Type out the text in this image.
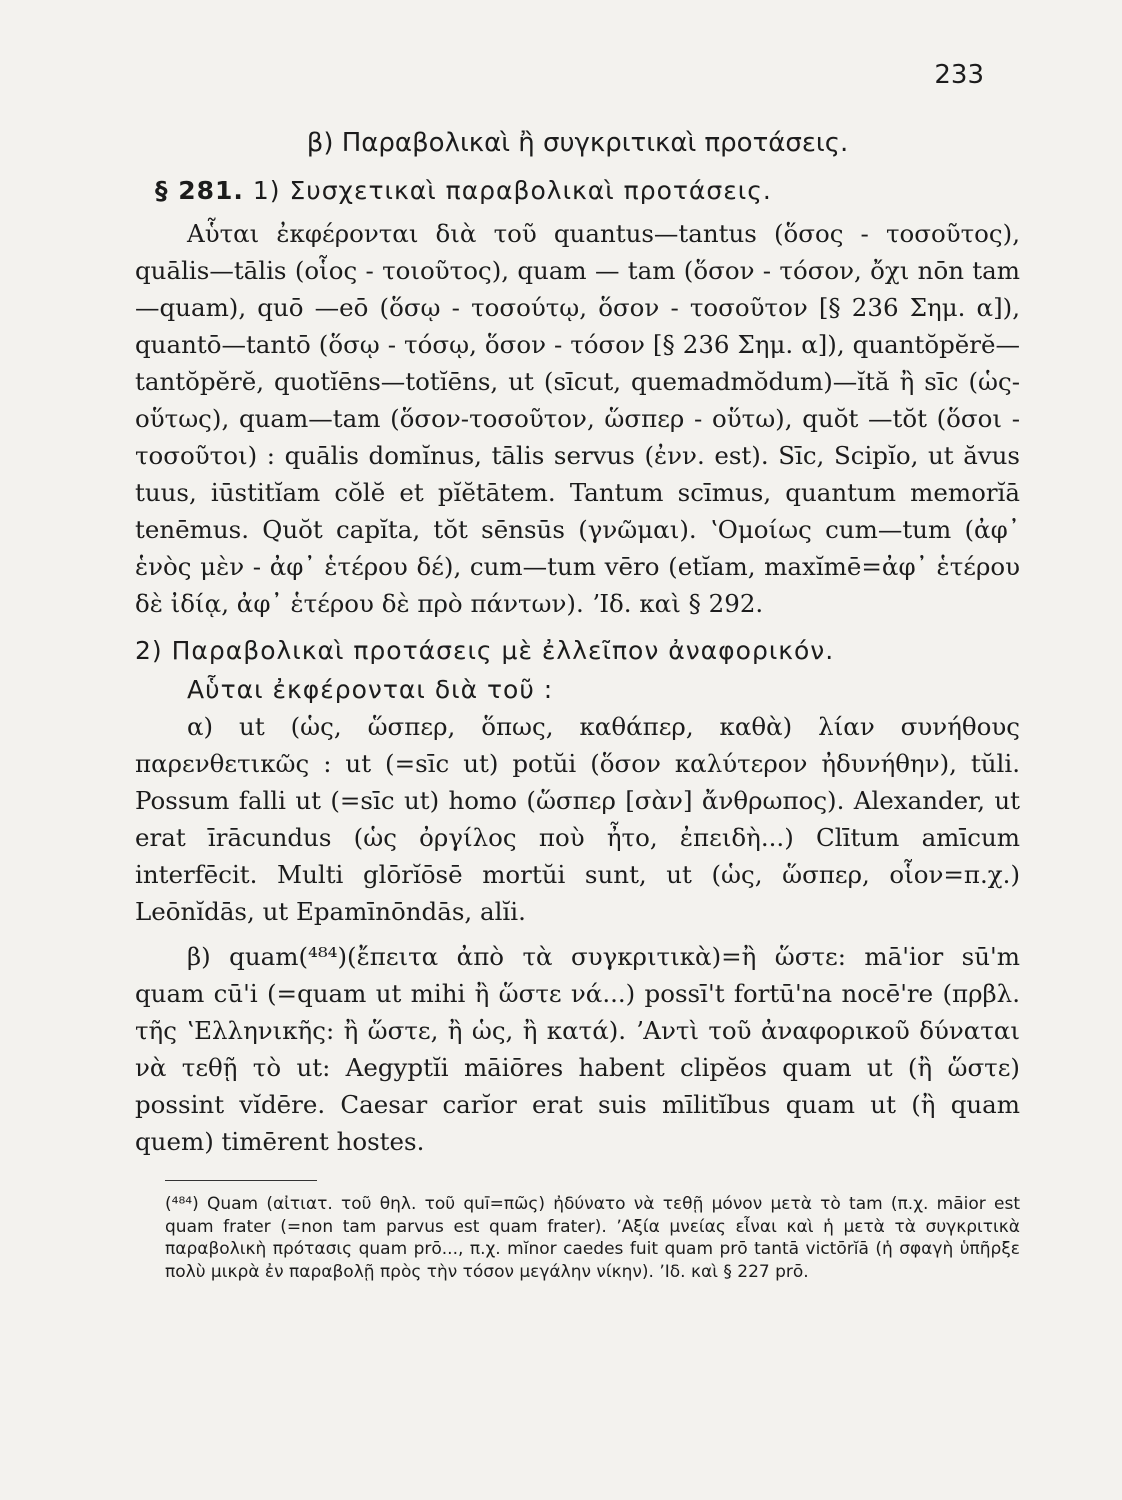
233
β) Παραβολικαὶ ἢ συγκριτικαὶ προτάσεις.
§ 281. 1) Συσχετικαὶ παραβολικαὶ προτάσεις.

Αὗται ἐκφέρονται διὰ τοῦ quantus—tantus (ὅσος - τοσοῦτος), quālis—tālis (οἷος - τοιοῦτος), quam — tam (ὅσον - τόσον, ὄχι nōn tam—quam), quō —eō (ὅσῳ - τοσούτῳ, ὅσον - τοσοῦτον [§ 236 Σημ. α]), quantō—tantō (ὅσῳ - τόσῳ, ὅσον - τόσον [§ 236 Σημ. α]), quantŏpĕrĕ—tantŏpĕrĕ, quotĭēns—totĭēns, ut (sīcut, quemadmŏdum)—ĭtă ἢ sīc (ὡς-οὕτως), quam—tam (ὅσον-τοσοῦτον, ὥσπερ - οὕτω), quŏt —tŏt (ὅσοι - τοσοῦτοι) : quālis domĭnus, tālis servus (ἐνν. est). Sīc, Scipĭo, ut ăvus tuus, iūstitĭam cŏlĕ et pĭĕtātem. Tantum scīmus, quantum memorĭā tenēmus. Quŏt capĭta, tŏt sēnsūs (γνῶμαι). ʽΟμοίως cum—tum (ἀφ᾽ ἑνὸς μὲν - ἀφ᾽ ἑτέρου δέ), cum—tum vēro (etĭam, maxĭmē=ἀφ᾽ ἑτέρου δὲ ἰδίᾳ, ἀφ᾽ ἑτέρου δὲ πρὸ πάντων). ʼΙδ. καὶ § 292.

2) Παραβολικαὶ προτάσεις μὲ ἐλλεῖπον ἀναφορικόν.
Αὗται ἐκφέρονται διὰ τοῦ :

α) ut (ὡς, ὥσπερ, ὅπως, καθάπερ, καθὰ) λίαν συνήθους παρενθετικῶς : ut (=sīc ut) potŭi (ὅσον καλύτερον ἠδυνήθην), tŭli. Possum falli ut (=sīc ut) homo (ὥσπερ [σὰν] ἄνθρωπος). Alexander, ut erat īrācundus (ὡς ὀργίλος ποὺ ἦτο, ἐπειδὴ...) Clītum amīcum interfēcit. Multi glōrĭōsē mortŭi sunt, ut (ὡς, ὥσπερ, οἷον=π.χ.) Leōnĭdās, ut Epamīnōndās, alĭi.

β) quam(⁴⁸⁴)(ἔπειτα ἀπὸ τὰ συγκριτικὰ)=ἢ ὥστε: mā'ior sū'm quam cū'i (=quam ut mihi ἢ ὥστε νά...) possī't fortū'na nocē're (πρβλ. τῆς ʽΕλληνικῆς: ἢ ὥστε, ἢ ὡς, ἢ κατά). ʼΑντὶ τοῦ ἀναφορικοῦ δύναται νὰ τεθῇ τὸ ut: Aegyptĭi māiōres habent clipĕos quam ut (ἢ ὥστε) possint vĭdēre. Caesar carĭor erat suis mīlitĭbus quam ut (ἢ quam quem) timērent hostes.

(⁴⁸⁴) Quam (αἰτιατ. τοῦ θηλ. τοῦ quī=πῶς) ἠδύνατο νὰ τεθῇ μόνον μετὰ τὸ tam (π.χ. māior est quam frater (=non tam parvus est quam frater). ʼΑξία μνείας εἶναι καὶ ἡ μετὰ τὰ συγκριτικὰ παραβολικὴ πρότασις quam prō..., π.χ. mĭnor caedes fuit quam prō tantā victōrĭā (ἡ σφαγὴ ὑπῆρξε πολὺ μικρὰ ἐν παραβολῇ πρὸς τὴν τόσον μεγάλην νίκην). ʼΙδ. καὶ § 227 prō.
